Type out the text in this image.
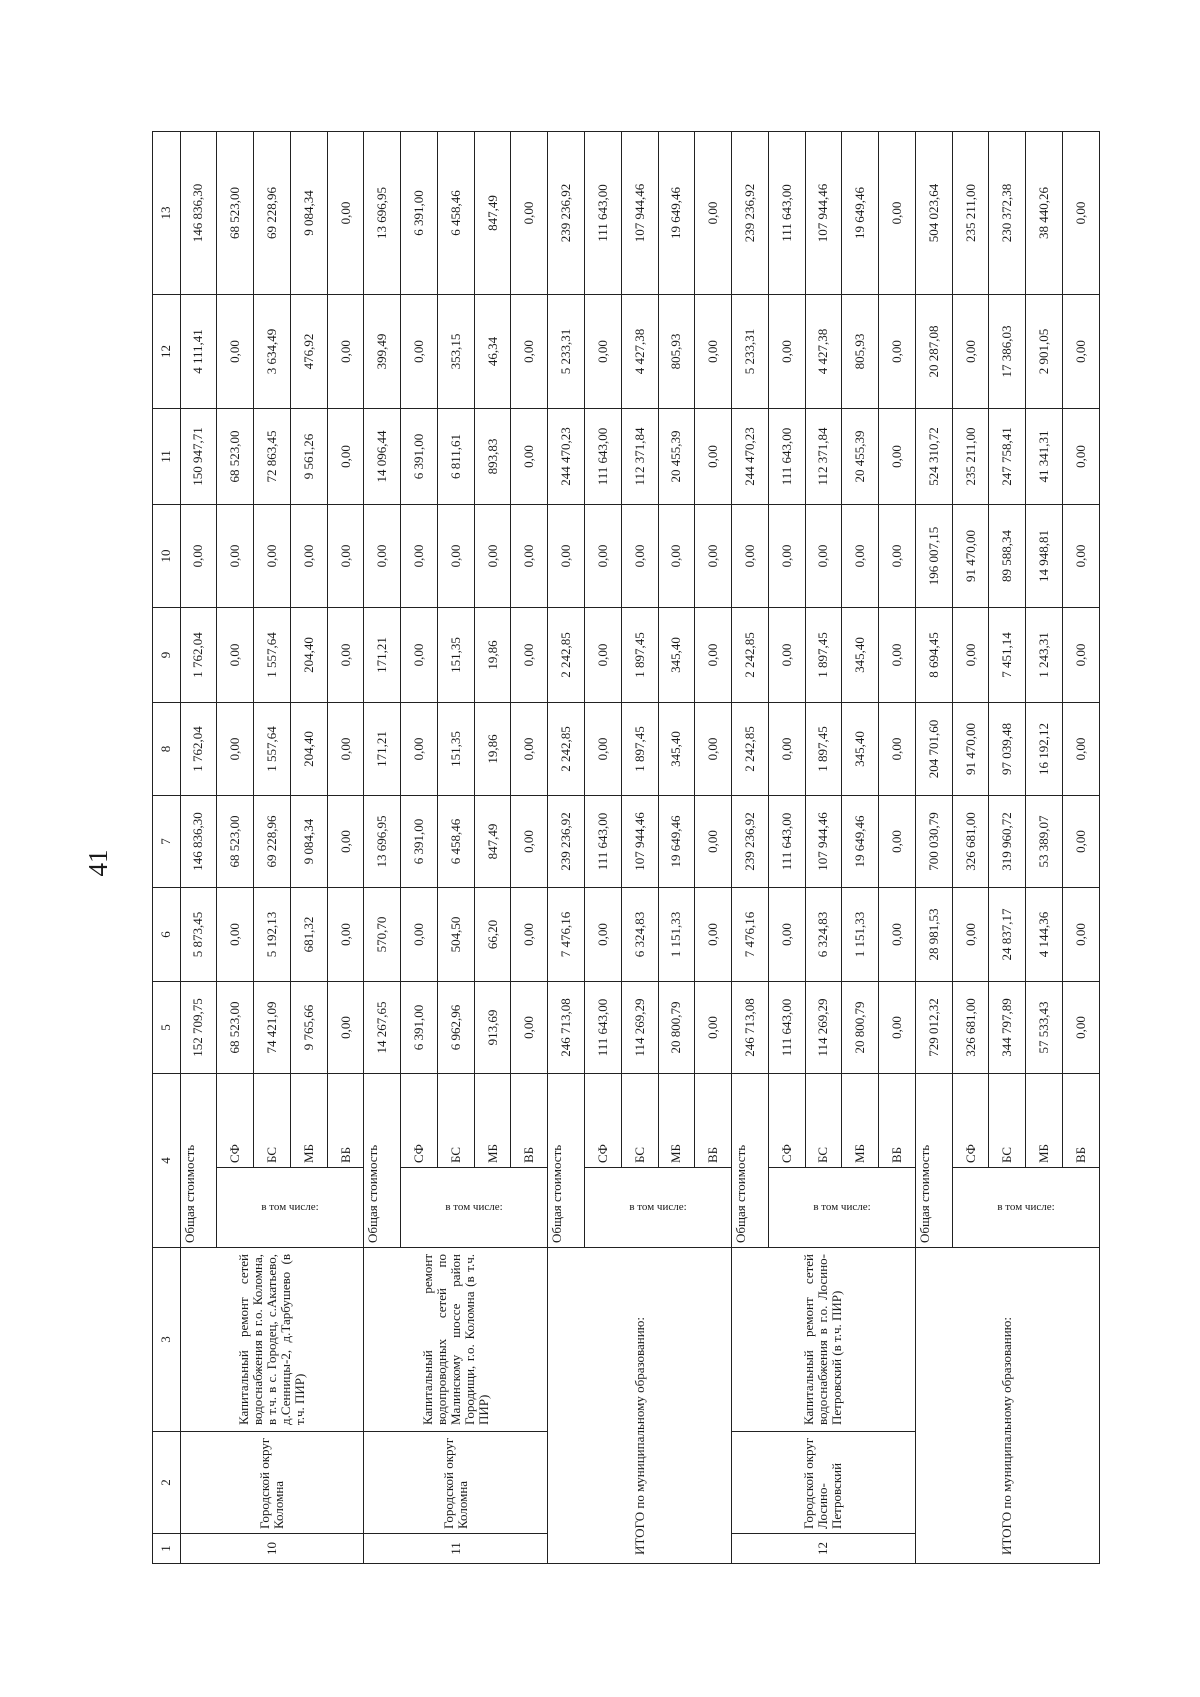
41
1	2	3	4		5	6	7	8	9	10	11	12	13
10	Городской округ Коломна	Капитальный ремонт сетей водоснабжения в г.о. Коломна, в т.ч. в с. Городец, с.Акатьево, д.Сенницы-2, д.Тарбушево (в т.ч. ПИР)	Общая стоимость		152 709,75	5 873,45	146 836,30	1 762,04	1 762,04	0,00	150 947,71	4 111,41	146 836,30

			в том числе:	СФ	68 523,00	0,00	68 523,00	0,00	0,00	0,00	68 523,00	0,00	68 523,00
				БС	74 421,09	5 192,13	69 228,96	1 557,64	1 557,64	0,00	72 863,45	3 634,49	69 228,96
				МБ	9 765,66	681,32	9 084,34	204,40	204,40	0,00	9 561,26	476,92	9 084,34
				ВБ	0,00	0,00	0,00	0,00	0,00	0,00	0,00	0,00	0,00
11	Городской округ Коломна	Капитальный ремонт водопроводных сетей по Малинскому шоссе район Городищи, г.о. Коломна (в т.ч. ПИР)	Общая стоимость		14 267,65	570,70	13 696,95	171,21	171,21	0,00	14 096,44	399,49	13 696,95

			в том числе:	СФ	6 391,00	0,00	6 391,00	0,00	0,00	0,00	6 391,00	0,00	6 391,00
				БС	6 962,96	504,50	6 458,46	151,35	151,35	0,00	6 811,61	353,15	6 458,46
				МБ	913,69	66,20	847,49	19,86	19,86	0,00	893,83	46,34	847,49
				ВБ	0,00	0,00	0,00	0,00	0,00	0,00	0,00	0,00	0,00
ИТОГО по муниципальному образованию:			Общая стоимость		246 713,08	7 476,16	239 236,92	2 242,85	2 242,85	0,00	244 470,23	5 233,31	239 236,92

			в том числе:	СФ	111 643,00	0,00	111 643,00	0,00	0,00	0,00	111 643,00	0,00	111 643,00
				БС	114 269,29	6 324,83	107 944,46	1 897,45	1 897,45	0,00	112 371,84	4 427,38	107 944,46
				МБ	20 800,79	1 151,33	19 649,46	345,40	345,40	0,00	20 455,39	805,93	19 649,46
				ВБ	0,00	0,00	0,00	0,00	0,00	0,00	0,00	0,00	0,00
12	Городской округ Лосино-Петровский	Капитальный ремонт сетей водоснабжения в г.о. Лосино-Петровский (в т.ч. ПИР)	Общая стоимость		246 713,08	7 476,16	239 236,92	2 242,85	2 242,85	0,00	244 470,23	5 233,31	239 236,92

			в том числе:	СФ	111 643,00	0,00	111 643,00	0,00	0,00	0,00	111 643,00	0,00	111 643,00
				БС	114 269,29	6 324,83	107 944,46	1 897,45	1 897,45	0,00	112 371,84	4 427,38	107 944,46
				МБ	20 800,79	1 151,33	19 649,46	345,40	345,40	0,00	20 455,39	805,93	19 649,46
				ВБ	0,00	0,00	0,00	0,00	0,00	0,00	0,00	0,00	0,00
ИТОГО по муниципальному образованию:			Общая стоимость		729 012,32	28 981,53	700 030,79	204 701,60	8 694,45	196 007,15	524 310,72	20 287,08	504 023,64

			в том числе:	СФ	326 681,00	0,00	326 681,00	91 470,00	0,00	91 470,00	235 211,00	0,00	235 211,00
				БС	344 797,89	24 837,17	319 960,72	97 039,48	7 451,14	89 588,34	247 758,41	17 386,03	230 372,38
				МБ	57 533,43	4 144,36	53 389,07	16 192,12	1 243,31	14 948,81	41 341,31	2 901,05	38 440,26
				ВБ	0,00	0,00	0,00	0,00	0,00	0,00	0,00	0,00	0,00
